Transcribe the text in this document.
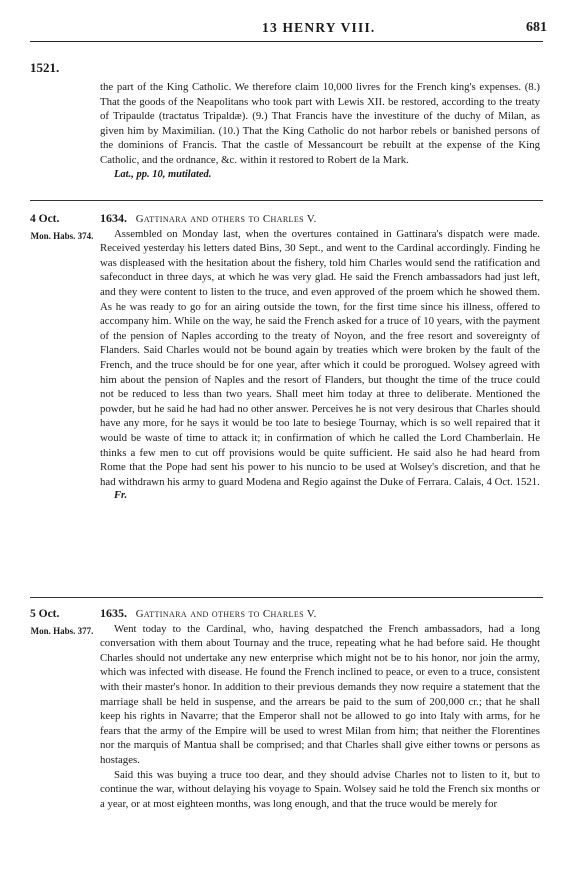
13 HENRY VIII.	681
1521.

the part of the King Catholic. We therefore claim 10,000 livres for the French king's expenses. (8.) That the goods of the Neapolitans who took part with Lewis XII. be restored, according to the treaty of Tripaulde (tractatus Tripaldæ). (9.) That Francis have the investiture of the duchy of Milan, as given him by Maximilian. (10.) That the King Catholic do not harbor rebels or banished persons of the dominions of Francis. That the castle of Messancourt be rebuilt at the expense of the King Catholic, and the ordnance, &c. within it restored to Robert de la Mark.

Lat., pp. 10, mutilated.
4 Oct.
Mon. Habs. 374.

1634. Gattinara and others to Charles V.

Assembled on Monday last, when the overtures contained in Gattinara's dispatch were made. Received yesterday his letters dated Bins, 30 Sept., and went to the Cardinal accordingly. Finding he was displeased with the hesitation about the fishery, told him Charles would send the ratification and safeconduct in three days, at which he was very glad. He said the French ambassadors had just left, and they were content to listen to the truce, and even approved of the proem which he showed them. As he was ready to go for an airing outside the town, for the first time since his illness, offered to accompany him. While on the way, he said the French asked for a truce of 10 years, with the payment of the pension of Naples according to the treaty of Noyon, and the free resort and sovereignty of Flanders. Said Charles would not be bound again by treaties which were broken by the fault of the French, and the truce should be for one year, after which it could be prorogued. Wolsey agreed with him about the pension of Naples and the resort of Flanders, but thought the time of the truce could not be reduced to less than two years. Shall meet him today at three to deliberate. Mentioned the powder, but he said he had had no other answer. Perceives he is not very desirous that Charles should have any more, for he says it would be too late to besiege Tournay, which is so well repaired that it would be waste of time to attack it; in confirmation of which he called the Lord Chamberlain. He thinks a few men to cut off provisions would be quite sufficient. He said also he had heard from Rome that the Pope had sent his power to his nuncio to be used at Wolsey's discretion, and that he had withdrawn his army to guard Modena and Regio against the Duke of Ferrara. Calais, 4 Oct. 1521.

Fr.
5 Oct.
Mon. Habs. 377.

1635. Gattinara and others to Charles V.

Went today to the Cardinal, who, having despatched the French ambassadors, had a long conversation with them about Tournay and the truce, repeating what he had before said. He thought Charles should not undertake any new enterprise which might not be to his honor, nor join the army, which was infected with disease. He found the French inclined to peace, or even to a truce, consistent with their master's honor. In addition to their previous demands they now require a statement that the marriage shall be held in suspense, and the arrears be paid to the sum of 200,000 cr.; that he shall keep his rights in Navarre; that the Emperor shall not be allowed to go into Italy with arms, for he fears that the army of the Empire will be used to wrest Milan from him; that neither the Florentines nor the marquis of Mantua shall be comprised; and that Charles shall give either towns or persons as hostages.

Said this was buying a truce too dear, and they should advise Charles not to listen to it, but to continue the war, without delaying his voyage to Spain. Wolsey said he told the French six months or a year, or at most eighteen months, was long enough, and that the truce would be merely for
